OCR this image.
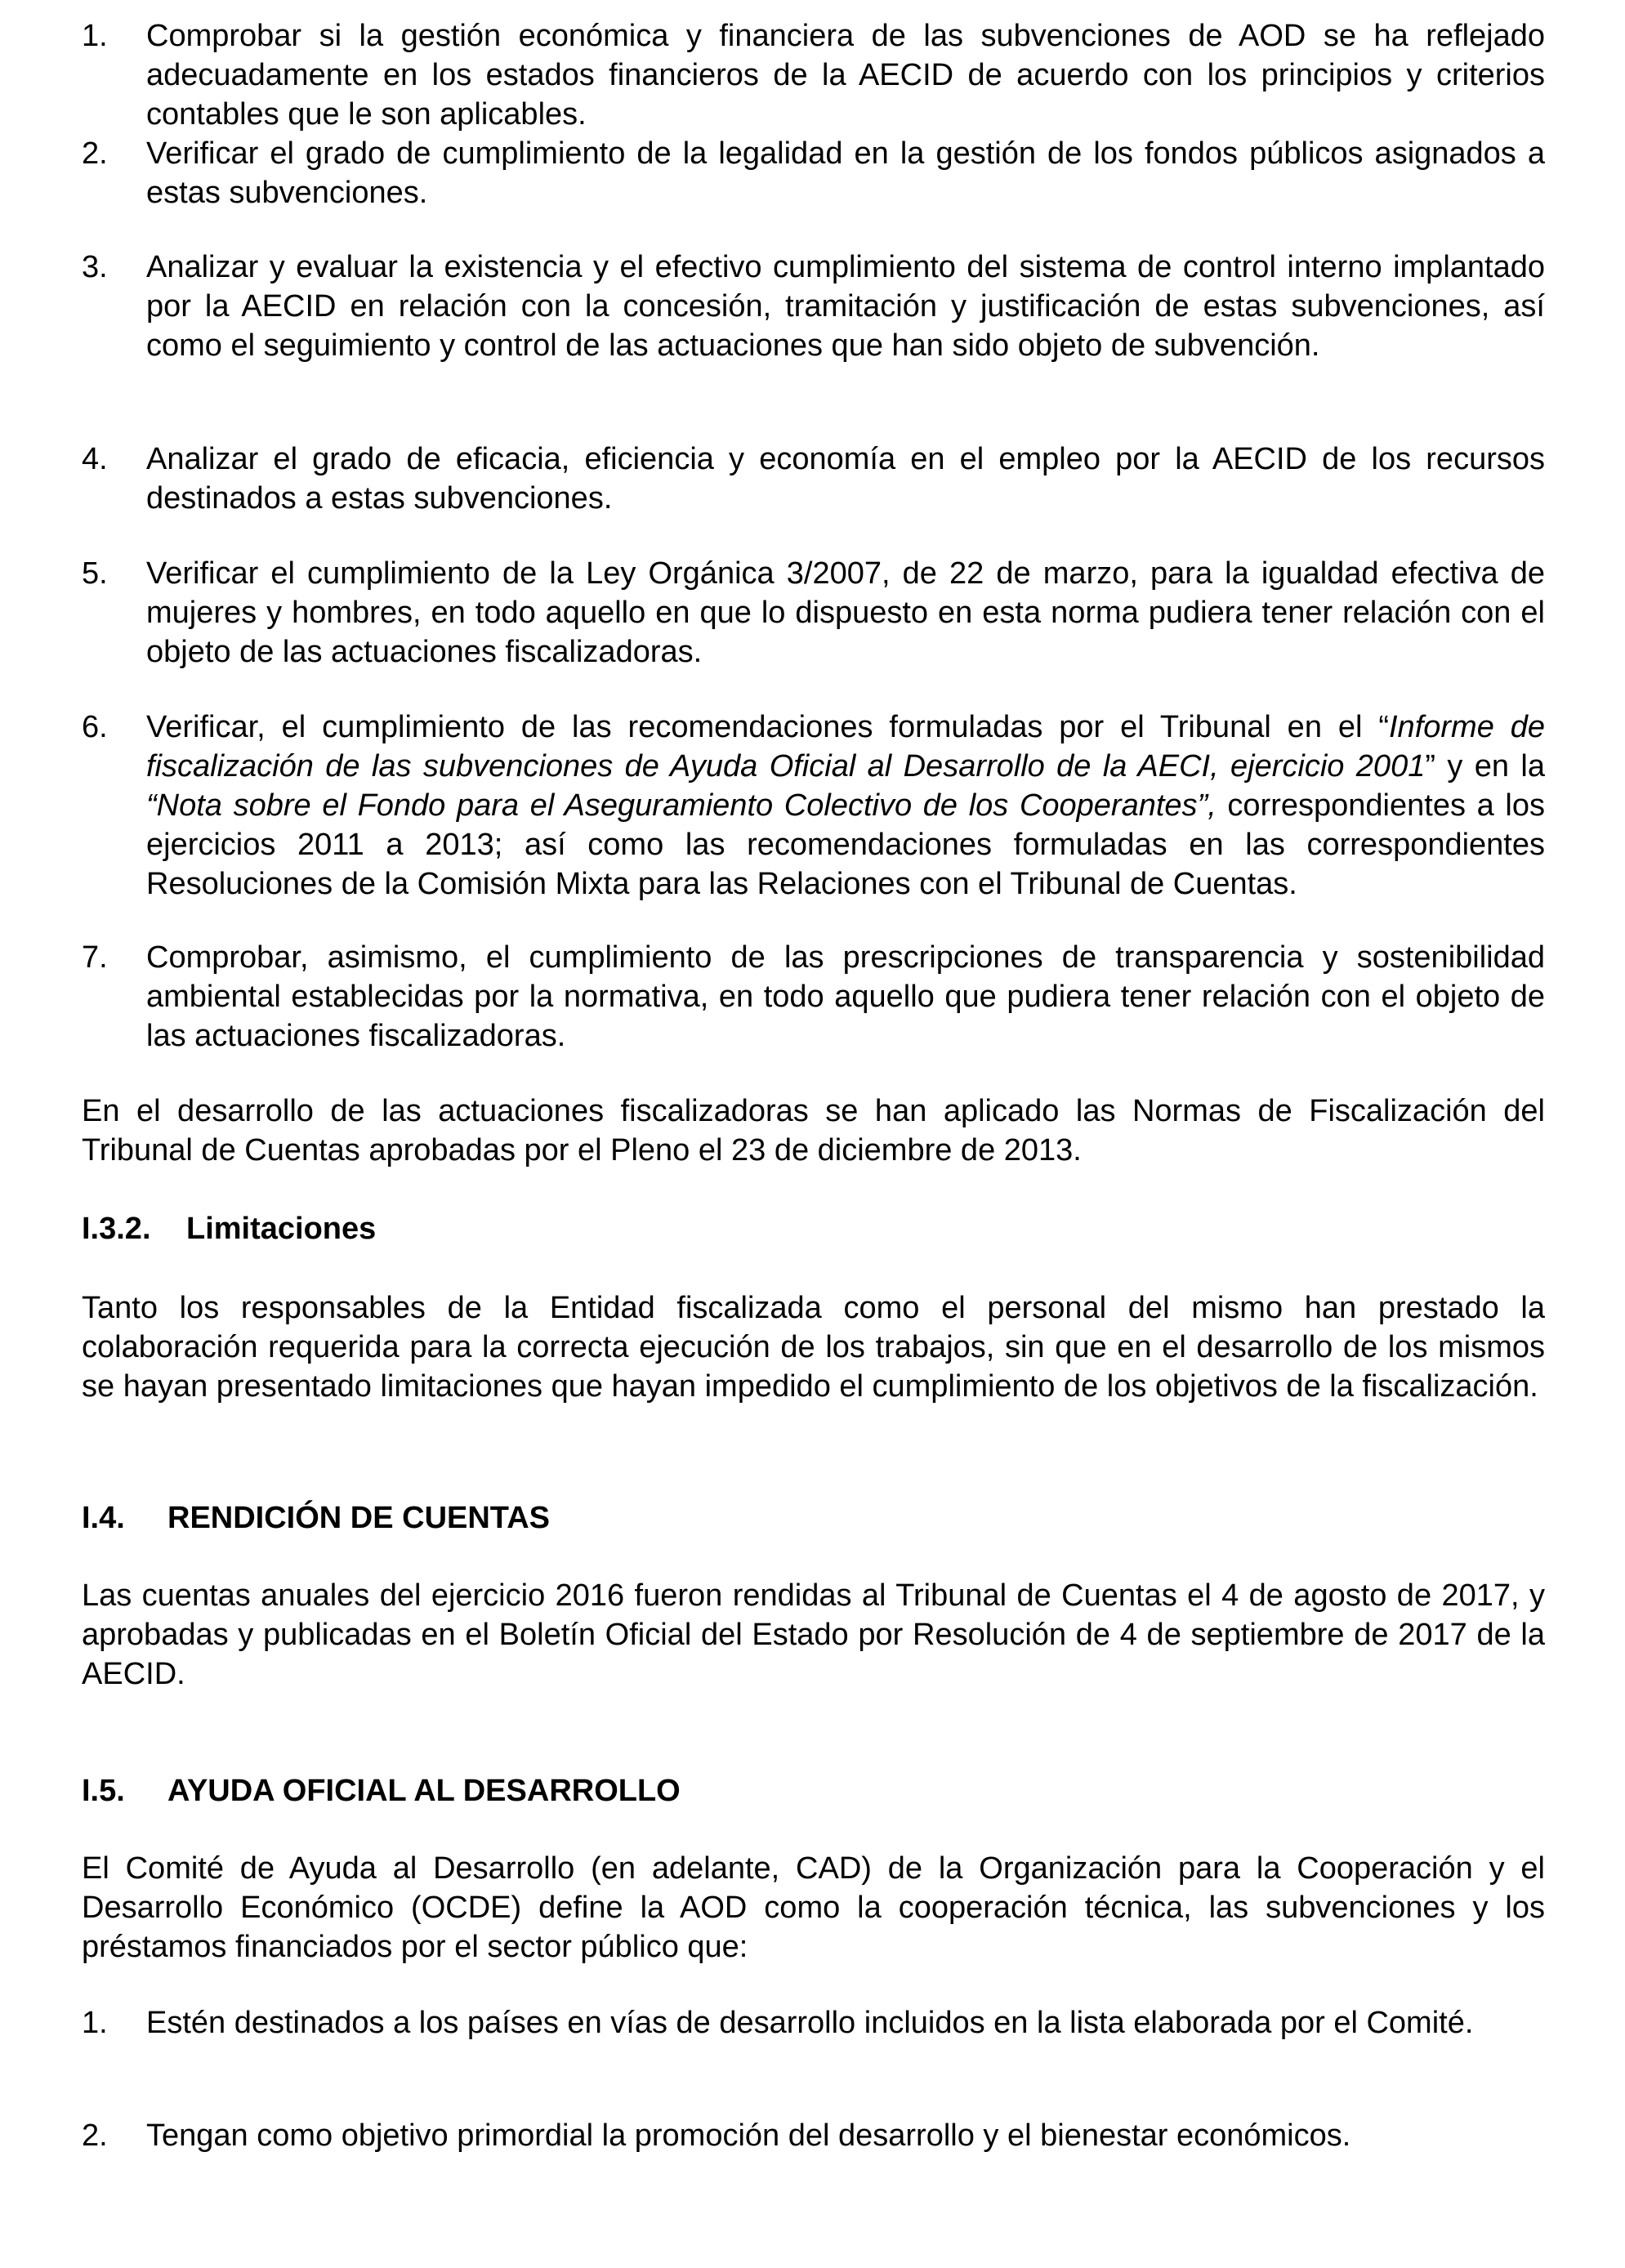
1.	Comprobar si la gestión económica y financiera de las subvenciones de AOD se ha reflejado adecuadamente en los estados financieros de la AECID de acuerdo con los principios y criterios contables que le son aplicables.

2.	Verificar el grado de cumplimiento de la legalidad en la gestión de los fondos públicos asignados a estas subvenciones.

3.	Analizar y evaluar la existencia y el efectivo cumplimiento del sistema de control interno implantado por la AECID en relación con la concesión, tramitación y justificación de estas subvenciones, así como el seguimiento y control de las actuaciones que han sido objeto de subvención.

4.	Analizar el grado de eficacia, eficiencia y economía en el empleo por la AECID de los recursos destinados a estas subvenciones.

5.	Verificar el cumplimiento de la Ley Orgánica 3/2007, de 22 de marzo, para la igualdad efectiva de mujeres y hombres, en todo aquello en que lo dispuesto en esta norma pudiera tener relación con el objeto de las actuaciones fiscalizadoras.

6.	Verificar, el cumplimiento de las recomendaciones formuladas por el Tribunal en el “Informe de fiscalización de las subvenciones de Ayuda Oficial al Desarrollo de la AECI, ejercicio 2001” y en la “Nota sobre el Fondo para el Aseguramiento Colectivo de los Cooperantes”, correspondientes a los ejercicios 2011 a 2013; así como las recomendaciones formuladas en las correspondientes Resoluciones de la Comisión Mixta para las Relaciones con el Tribunal de Cuentas.

7.	Comprobar, asimismo, el cumplimiento de las prescripciones de transparencia y sostenibilidad ambiental establecidas por la normativa, en todo aquello que pudiera tener relación con el objeto de las actuaciones fiscalizadoras.

En el desarrollo de las actuaciones fiscalizadoras se han aplicado las Normas de Fiscalización del Tribunal de Cuentas aprobadas por el Pleno el 23 de diciembre de 2013.

I.3.2. Limitaciones

Tanto los responsables de la Entidad fiscalizada como el personal del mismo han prestado la colaboración requerida para la correcta ejecución de los trabajos, sin que en el desarrollo de los mismos se hayan presentado limitaciones que hayan impedido el cumplimiento de los objetivos de la fiscalización.

I.4. RENDICIÓN DE CUENTAS

Las cuentas anuales del ejercicio 2016 fueron rendidas al Tribunal de Cuentas el 4 de agosto de 2017, y aprobadas y publicadas en el Boletín Oficial del Estado por Resolución de 4 de septiembre de 2017 de la AECID.

I.5. AYUDA OFICIAL AL DESARROLLO

El Comité de Ayuda al Desarrollo (en adelante, CAD) de la Organización para la Cooperación y el Desarrollo Económico (OCDE) define la AOD como la cooperación técnica, las subvenciones y los préstamos financiados por el sector público que:

1.	Estén destinados a los países en vías de desarrollo incluidos en la lista elaborada por el Comité.

2.	Tengan como objetivo primordial la promoción del desarrollo y el bienestar económicos.
